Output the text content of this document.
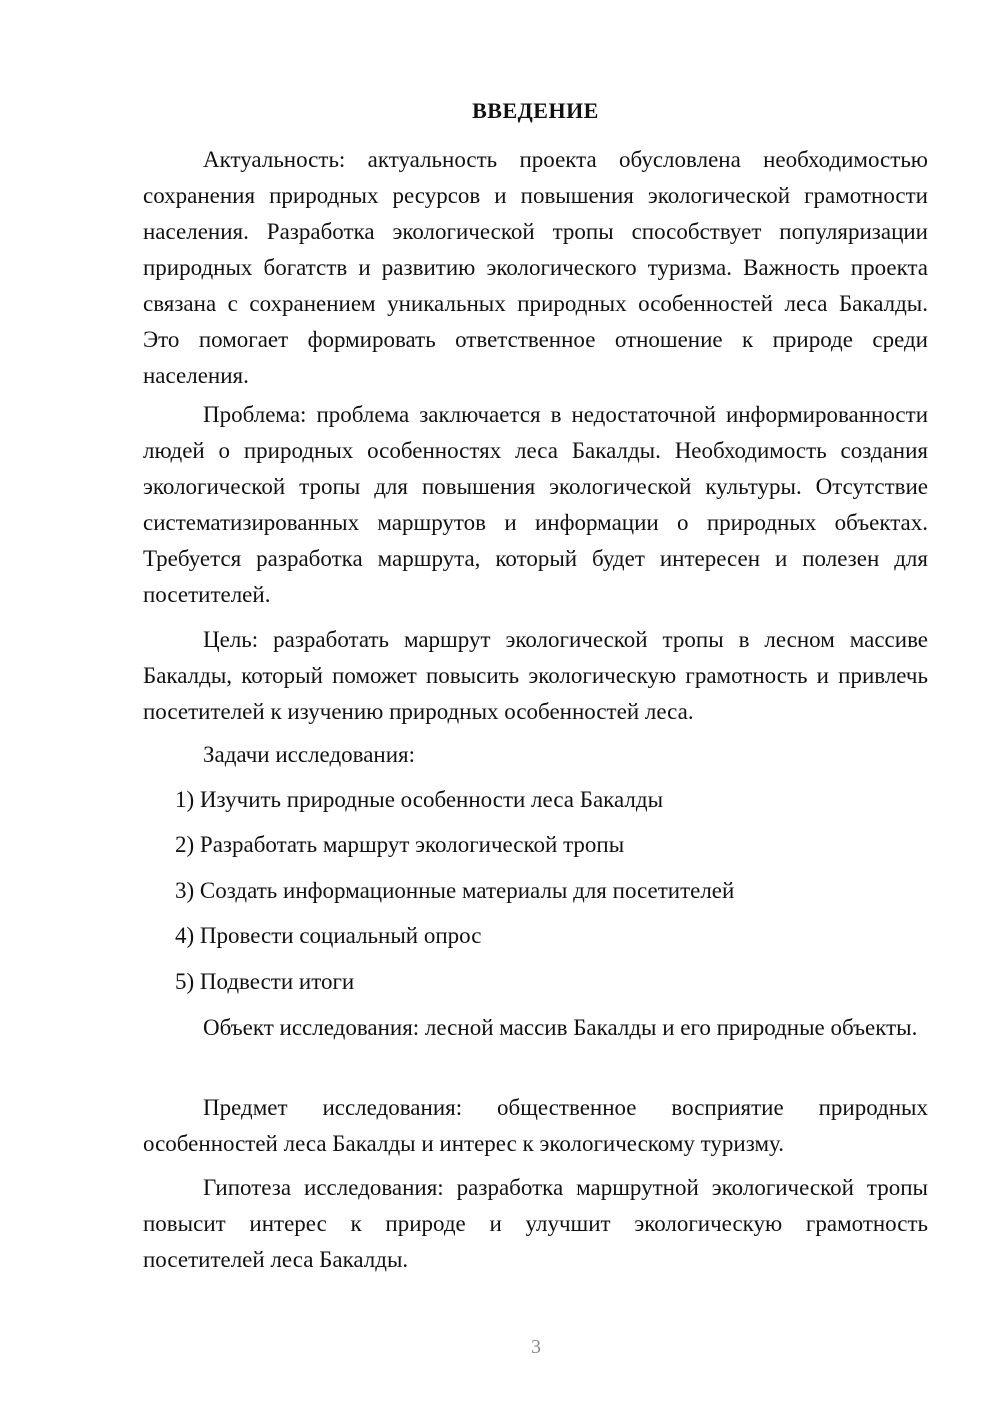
ВВЕДЕНИЕ

Актуальность: актуальность проекта обусловлена необходимостью сохранения природных ресурсов и повышения экологической грамотности населения. Разработка экологической тропы способствует популяризации природных богатств и развитию экологического туризма. Важность проекта связана с сохранением уникальных природных особенностей леса Бакалды. Это помогает формировать ответственное отношение к природе среди населения.

Проблема: проблема заключается в недостаточной информированности людей о природных особенностях леса Бакалды. Необходимость создания экологической тропы для повышения экологической культуры. Отсутствие систематизированных маршрутов и информации о природных объектах. Требуется разработка маршрута, который будет интересен и полезен для посетителей.

Цель: разработать маршрут экологической тропы в лесном массиве Бакалды, который поможет повысить экологическую грамотность и привлечь посетителей к изучению природных особенностей леса.

Задачи исследования:

1) Изучить природные особенности леса Бакалды
2) Разработать маршрут экологической тропы
3) Создать информационные материалы для посетителей
4) Провести социальный опрос
5) Подвести итоги

Объект исследования: лесной массив Бакалды и его природные объекты.

Предмет исследования: общественное восприятие природных особенностей леса Бакалды и интерес к экологическому туризму.

Гипотеза исследования: разработка маршрутной экологической тропы повысит интерес к природе и улучшит экологическую грамотность посетителей леса Бакалды.

3
